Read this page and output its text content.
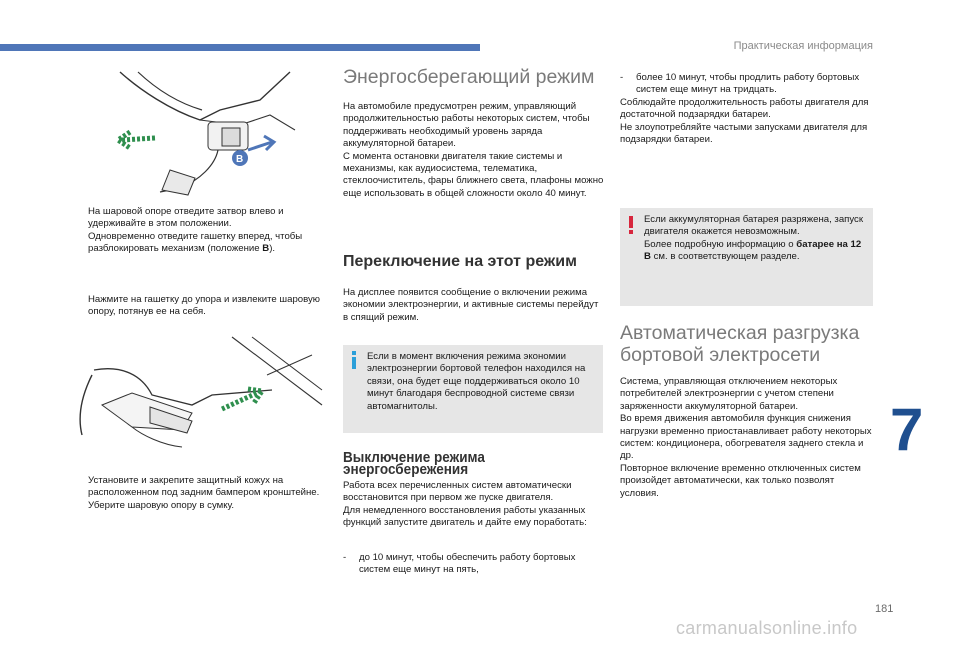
Практическая информация
B
На шаровой опоре отведите затвор влево и удерживайте в этом положении.
Одновременно отведите гашетку вперед, чтобы разблокировать механизм (положение B).
Нажмите на гашетку до упора и извлеките шаровую опору, потянув ее на себя.
Установите и закрепите защитный кожух на расположенном под задним бампером кронштейне.
Уберите шаровую опору в сумку.
Энергосберегающий режим
На автомобиле предусмотрен режим, управляющий продолжительностью работы некоторых систем, чтобы поддерживать необходимый уровень заряда аккумуляторной батареи.
С момента остановки двигателя такие системы и механизмы, как аудиосистема, телематика, стеклоочиститель, фары ближнего света, плафоны можно еще использовать в общей сложности около 40 минут.
Переключение на этот режим
На дисплее появится сообщение о включении режима экономии электроэнергии, и активные системы перейдут в спящий режим.
Если в момент включения режима экономии электроэнергии бортовой телефон находился на связи, она будет еще поддерживаться около 10 минут благодаря беспроводной системе связи автомагнитолы.
Выключение режима энергосбережения
Работа всех перечисленных систем автоматически восстановится при первом же пуске двигателя.
Для немедленного восстановления работы указанных функций запустите двигатель и дайте ему поработать:
- до 10 минут, чтобы обеспечить работу бортовых систем еще минут на пять,
- более 10 минут, чтобы продлить работу бортовых систем еще минут на тридцать.
Соблюдайте продолжительность работы двигателя для достаточной подзарядки батареи.
Не злоупотребляйте частыми запусками двигателя для подзарядки батареи.
Если аккумуляторная батарея разряжена, запуск двигателя окажется невозможным.
Более подробную информацию о батарее на 12 В см. в соответствующем разделе.
Автоматическая разгрузка бортовой электросети
Система, управляющая отключением некоторых потребителей электроэнергии с учетом степени заряженности аккумуляторной батареи.
Во время движения автомобиля функция снижения нагрузки временно приостанавливает работу некоторых систем: кондиционера, обогревателя заднего стекла и др.
Повторное включение временно отключенных систем произойдет автоматически, как только позволят условия.
7
181
carmanualsonline.info
